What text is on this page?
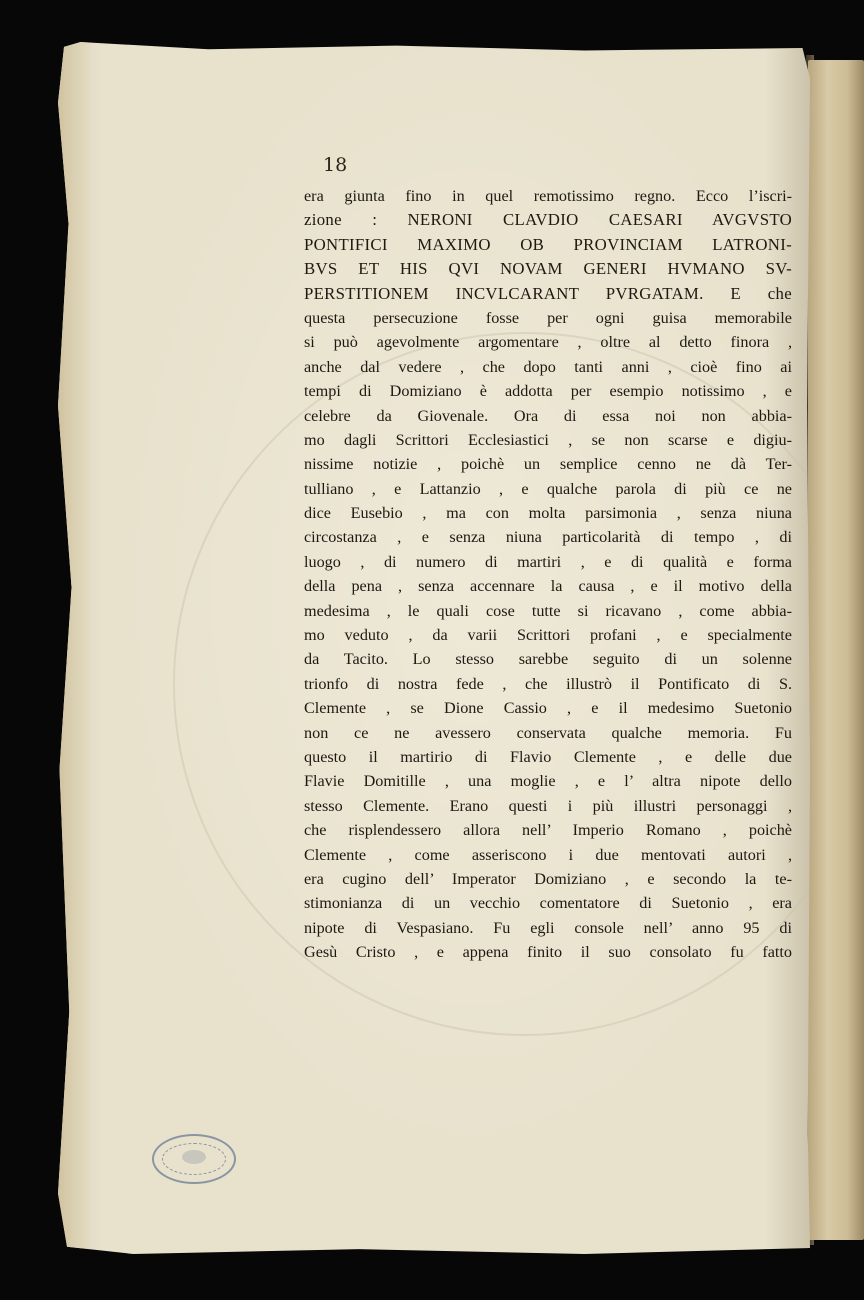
18

era giunta fino in quel remotissimo regno. Ecco l’iscri-
zione : NERONI CLAVDIO CAESARI AVGVSTO
PONTIFICI MAXIMO OB PROVINCIAM LATRONI-
BVS ET HIS QVI NOVAM GENERI HVMANO SV-
PERSTITIONEM INCVLCARANT PVRGATAM. E che
questa persecuzione fosse per ogni guisa memorabile
si può agevolmente argomentare , oltre al detto finora ,
anche dal vedere , che dopo tanti anni , cioè fino ai
tempi di Domiziano è addotta per esempio notissimo , e
celebre da Giovenale. Ora di essa noi non abbia-
mo dagli Scrittori Ecclesiastici , se non scarse e digiu-
nissime notizie , poichè un semplice cenno ne dà Ter-
tulliano , e Lattanzio , e qualche parola di più ce ne
dice Eusebio , ma con molta parsimonia , senza niuna
circostanza , e senza niuna particolarità di tempo , di
luogo , di numero di martiri , e di qualità e forma
della pena , senza accennare la causa , e il motivo della
medesima , le quali cose tutte si ricavano , come abbia-
mo veduto , da varii Scrittori profani , e specialmente
da Tacito. Lo stesso sarebbe seguito di un solenne
trionfo di nostra fede , che illustrò il Pontificato di S.
Clemente , se Dione Cassio , e il medesimo Suetonio
non ce ne avessero conservata qualche memoria. Fu
questo il martirio di Flavio Clemente , e delle due
Flavie Domitille , una moglie , e l’ altra nipote dello
stesso Clemente. Erano questi i più illustri personaggi ,
che risplendessero allora nell’ Imperio Romano , poichè
Clemente , come asseriscono i due mentovati autori ,
era cugino dell’ Imperator Domiziano , e secondo la te-
stimonianza di un vecchio comentatore di Suetonio , era
nipote di Vespasiano. Fu egli console nell’ anno 95 di
Gesù Cristo , e appena finito il suo consolato fu fatto
